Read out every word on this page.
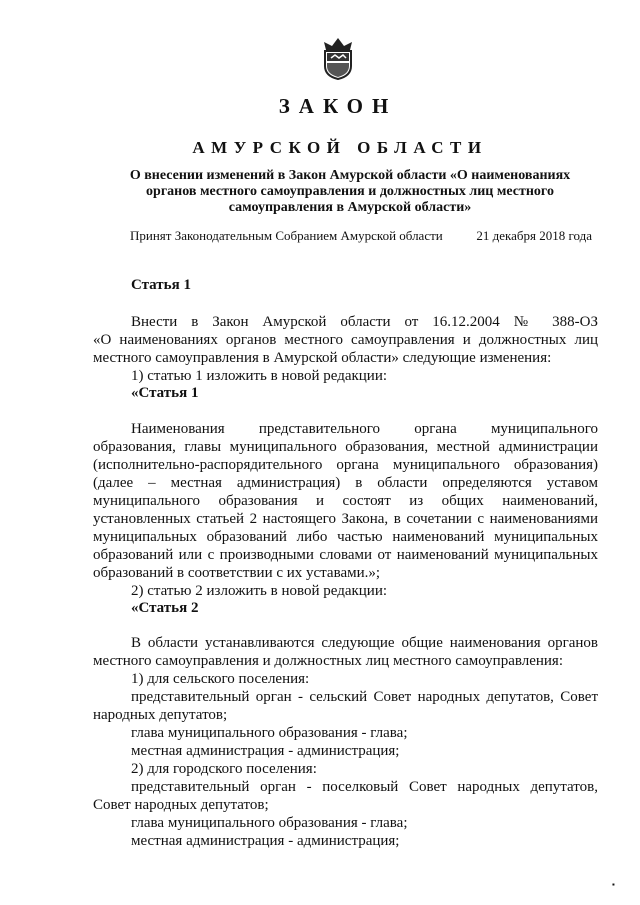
ЗАКОН
АМУРСКОЙ ОБЛАСТИ
О внесении изменений в Закон Амурской области «О наименованиях
органов местного самоуправления и должностных лиц местного
самоуправления в Амурской области»
Принят Законодательным Собранием Амурской области	21 декабря 2018 года
Статья 1
Внести в Закон Амурской области от 16.12.2004 № 388-ОЗ
«О наименованиях органов местного самоуправления и должностных лиц
местного самоуправления в Амурской области» следующие изменения:
1) статью 1 изложить в новой редакции:
«Статья 1
Наименования представительного органа муниципального
образования, главы муниципального образования, местной администрации
(исполнительно-распорядительного органа муниципального образования)
(далее – местная администрация) в области определяются уставом
муниципального образования и состоят из общих наименований,
установленных статьей 2 настоящего Закона, в сочетании с наименованиями
муниципальных образований либо частью наименований муниципальных
образований или с производными словами от наименований муниципальных
образований в соответствии с их уставами.»;
2) статью 2 изложить в новой редакции:
«Статья 2
В области устанавливаются следующие общие наименования органов
местного самоуправления и должностных лиц местного самоуправления:
1) для сельского поселения:
представительный орган - сельский Совет народных депутатов, Совет
народных депутатов;
глава муниципального образования - глава;
местная администрация - администрация;
2) для городского поселения:
представительный орган - поселковый Совет народных депутатов,
Совет народных депутатов;
глава муниципального образования - глава;
местная администрация - администрация;
▪
